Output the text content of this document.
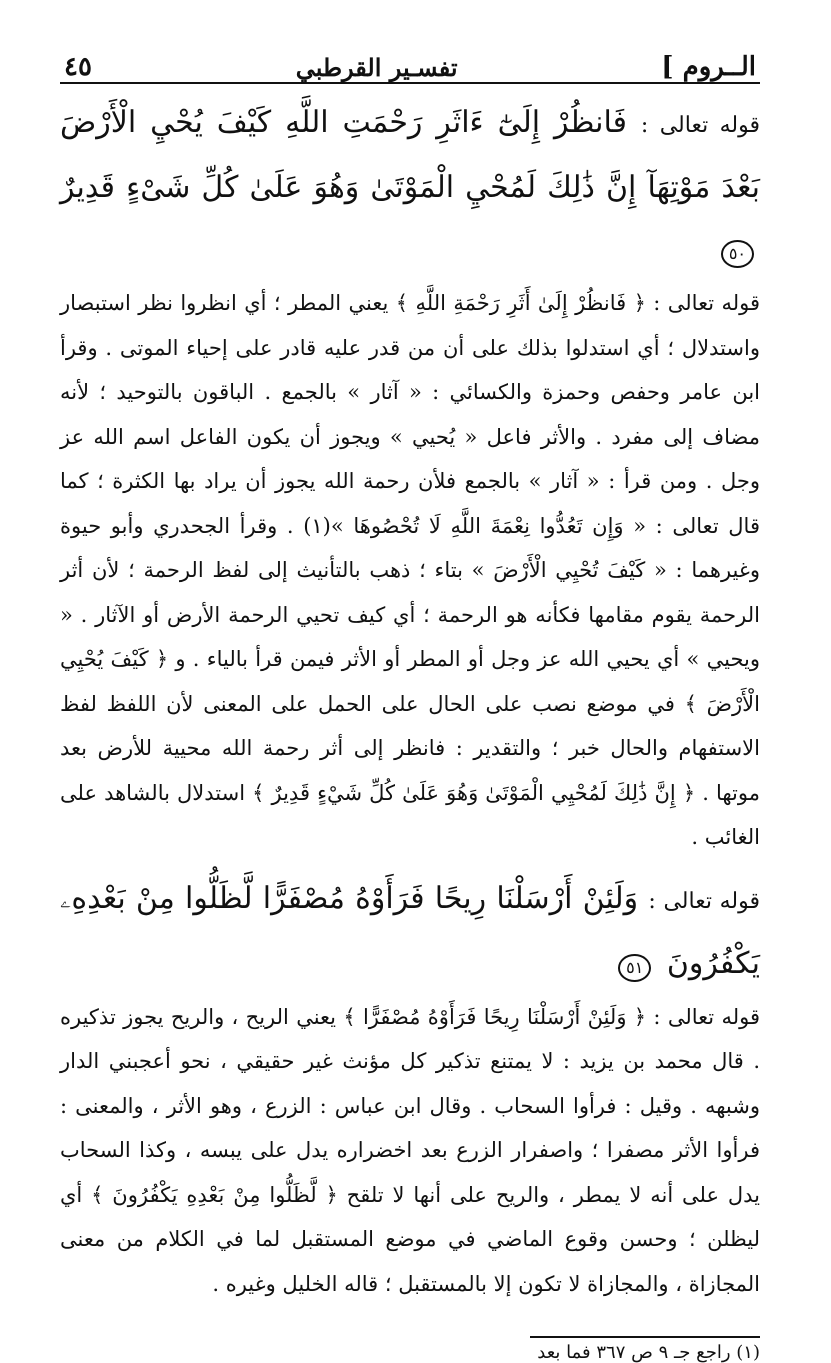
الــروم ]
تفسـير القرطبي
٤٥
قوله تعالى : فَانظُرْ إِلَىٰٓ ءَاثَرِ رَحْمَتِ اللَّهِ كَيْفَ يُحْيِ الْأَرْضَ بَعْدَ مَوْتِهَآ إِنَّ ذَٰلِكَ لَمُحْيِ الْمَوْتَىٰ وَهُوَ عَلَىٰ كُلِّ شَىْءٍ قَدِيرٌ ٥٠
قوله تعالى : ﴿ فَانظُرْ إِلَىٰ أَثَرِ رَحْمَةِ اللَّهِ ﴾ يعني المطر ؛ أي انظروا نظر استبصار واستدلال ؛ أي استدلوا بذلك على أن من قدر عليه قادر على إحياء الموتى . وقرأ ابن عامر وحفص وحمزة والكسائي : « آثار » بالجمع . الباقون بالتوحيد ؛ لأنه مضاف إلى مفرد . والأثر فاعل « يُحيي » ويجوز أن يكون الفاعل اسم الله عز وجل . ومن قرأ : « آثار » بالجمع فلأن رحمة الله يجوز أن يراد بها الكثرة ؛ كما قال تعالى : « وَإِن تَعُدُّوا نِعْمَةَ اللَّهِ لَا تُحْصُوهَا »(١) . وقرأ الجحدري وأبو حيوة وغيرهما : « كَيْفَ تُحْيِي الْأَرْضَ » بتاء ؛ ذهب بالتأنيث إلى لفظ الرحمة ؛ لأن أثر الرحمة يقوم مقامها فكأنه هو الرحمة ؛ أي كيف تحيي الرحمة الأرض أو الآثار . « ويحيي » أي يحيي الله عز وجل أو المطر أو الأثر فيمن قرأ بالياء . و ﴿ كَيْفَ يُحْيِي الْأَرْضَ ﴾ في موضع نصب على الحال على الحمل على المعنى لأن اللفظ لفظ الاستفهام والحال خبر ؛ والتقدير : فانظر إلى أثر رحمة الله محيية للأرض بعد موتها . ﴿ إِنَّ ذَٰلِكَ لَمُحْيِي الْمَوْتَىٰ وَهُوَ عَلَىٰ كُلِّ شَيْءٍ قَدِيرٌ ﴾ استدلال بالشاهد على الغائب .
قوله تعالى : وَلَئِنْ أَرْسَلْنَا رِيحًا فَرَأَوْهُ مُصْفَرًّا لَّظَلُّوا مِنْ بَعْدِهِۦ يَكْفُرُونَ ٥١
قوله تعالى : ﴿ وَلَئِنْ أَرْسَلْنَا رِيحًا فَرَأَوْهُ مُصْفَرًّا ﴾ يعني الريح ، والريح يجوز تذكيره . قال محمد بن يزيد : لا يمتنع تذكير كل مؤنث غير حقيقي ، نحو أعجبني الدار وشبهه . وقيل : فرأوا السحاب . وقال ابن عباس : الزرع ، وهو الأثر ، والمعنى : فرأوا الأثر مصفرا ؛ واصفرار الزرع بعد اخضراره يدل على يبسه ، وكذا السحاب يدل على أنه لا يمطر ، والريح على أنها لا تلقح ﴿ لَّظَلُّوا مِنْ بَعْدِهِ يَكْفُرُونَ ﴾ أي ليظلن ؛ وحسن وقوع الماضي في موضع المستقبل لما في الكلام من معنى المجازاة ، والمجازاة لا تكون إلا بالمستقبل ؛ قاله الخليل وغيره .
(١) راجع جـ ٩ ص ٣٦٧ فما بعد
